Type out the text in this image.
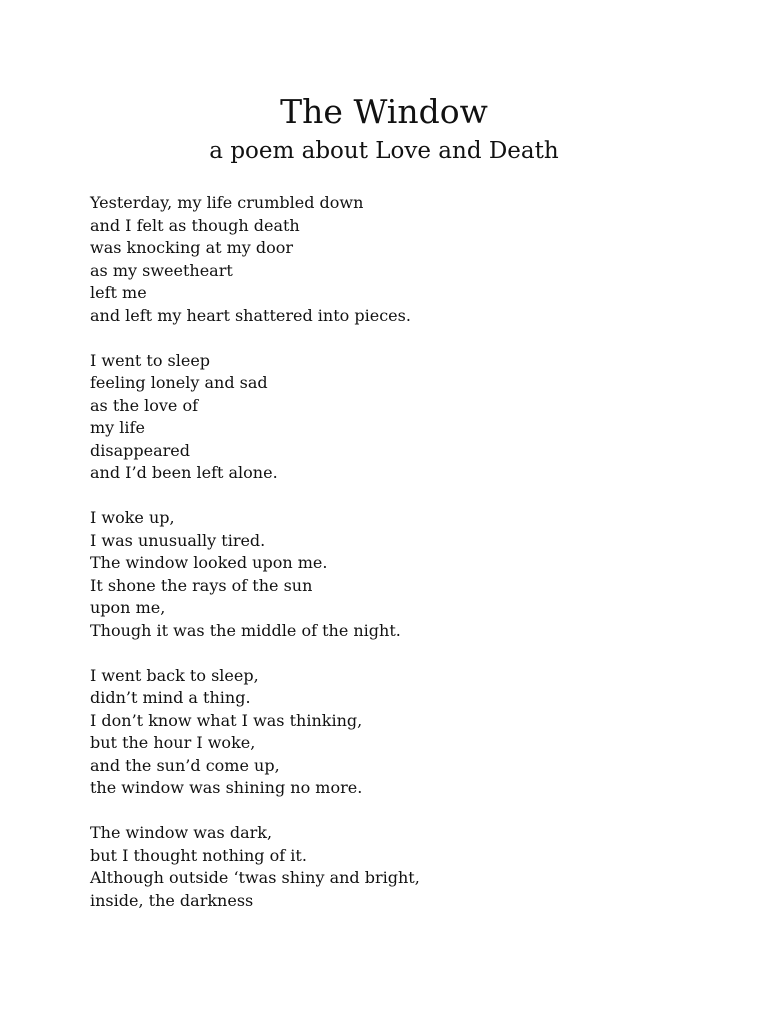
The Window
a poem about Love and Death
Yesterday, my life crumbled down
and I felt as though death
was knocking at my door
as my sweetheart
left me
and left my heart shattered into pieces.
I went to sleep
feeling lonely and sad
as the love of
my life
disappeared
and I’d been left alone.
I woke up,
I was unusually tired.
The window looked upon me.
It shone the rays of the sun
upon me,
Though it was the middle of the night.
I went back to sleep,
didn’t mind a thing.
I don’t know what I was thinking,
but the hour I woke,
and the sun’d come up,
the window was shining no more.
The window was dark,
but I thought nothing of it.
Although outside ‘twas shiny and bright,
inside, the darkness
